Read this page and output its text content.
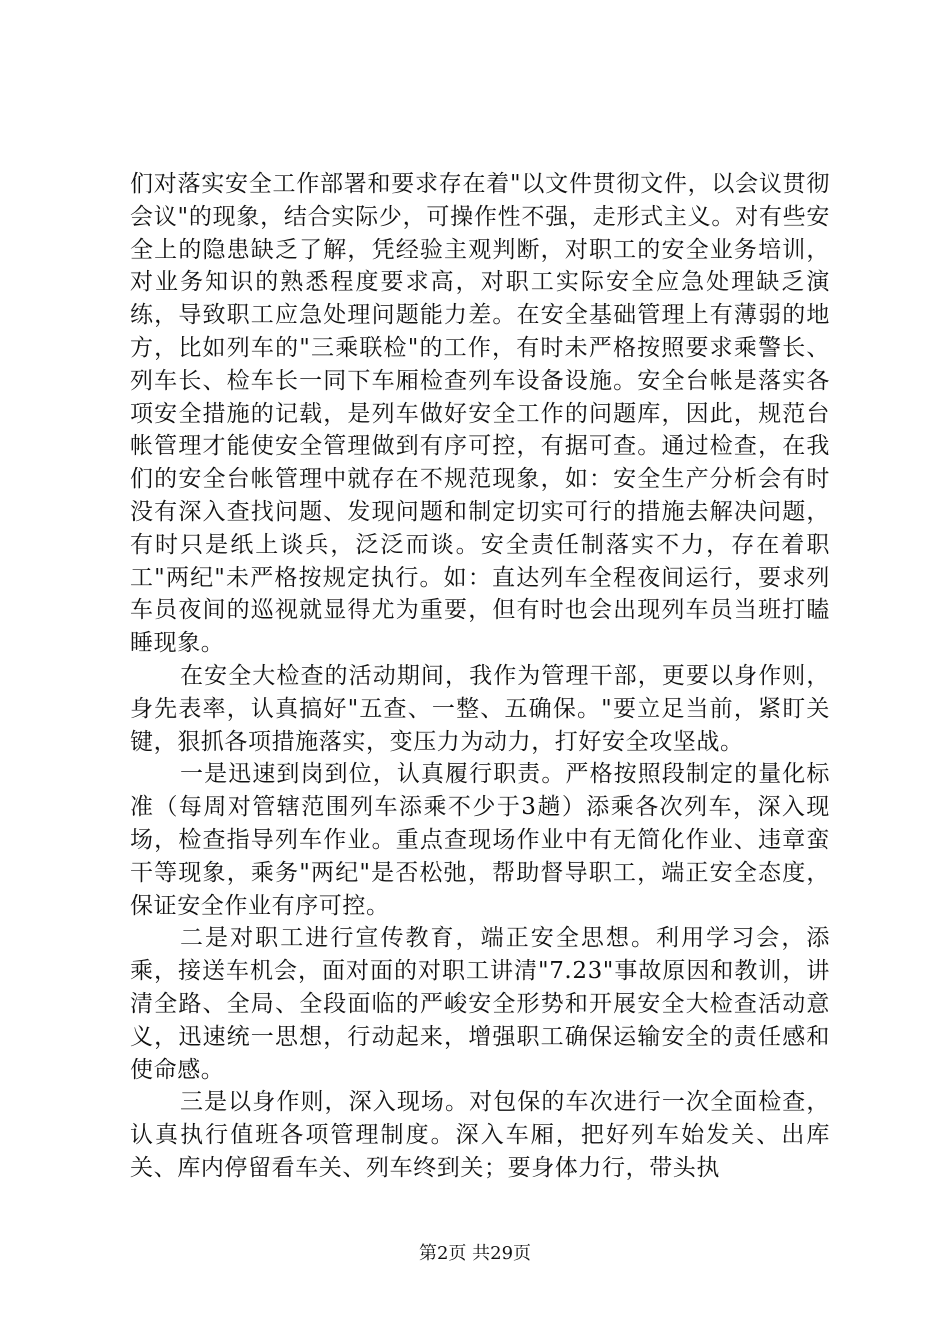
们对落实安全工作部署和要求存在着"以文件贯彻文件，以会议贯彻会议"的现象，结合实际少，可操作性不强，走形式主义。对有些安全上的隐患缺乏了解，凭经验主观判断，对职工的安全业务培训，对业务知识的熟悉程度要求高，对职工实际安全应急处理缺乏演练，导致职工应急处理问题能力差。在安全基础管理上有薄弱的地方，比如列车的"三乘联检"的工作，有时未严格按照要求乘警长、列车长、检车长一同下车厢检查列车设备设施。安全台帐是落实各项安全措施的记载，是列车做好安全工作的问题库，因此，规范台帐管理才能使安全管理做到有序可控，有据可查。通过检查，在我们的安全台帐管理中就存在不规范现象，如：安全生产分析会有时没有深入查找问题、发现问题和制定切实可行的措施去解决问题，有时只是纸上谈兵，泛泛而谈。安全责任制落实不力，存在着职工"两纪"未严格按规定执行。如：直达列车全程夜间运行，要求列车员夜间的巡视就显得尤为重要，但有时也会出现列车员当班打瞌睡现象。

在安全大检查的活动期间，我作为管理干部，更要以身作则，身先表率，认真搞好"五查、一整、五确保。"要立足当前，紧盯关键，狠抓各项措施落实，变压力为动力，打好安全攻坚战。

一是迅速到岗到位，认真履行职责。严格按照段制定的量化标准（每周对管辖范围列车添乘不少于3趟）添乘各次列车，深入现场，检查指导列车作业。重点查现场作业中有无简化作业、违章蛮干等现象，乘务"两纪"是否松弛，帮助督导职工，端正安全态度，保证安全作业有序可控。

二是对职工进行宣传教育，端正安全思想。利用学习会，添乘，接送车机会，面对面的对职工讲清"7.23"事故原因和教训，讲清全路、全局、全段面临的严峻安全形势和开展安全大检查活动意义，迅速统一思想，行动起来，增强职工确保运输安全的责任感和使命感。

三是以身作则，深入现场。对包保的车次进行一次全面检查，认真执行值班各项管理制度。深入车厢，把好列车始发关、出库关、库内停留看车关、列车终到关；要身体力行，带头执

第2页 共29页
